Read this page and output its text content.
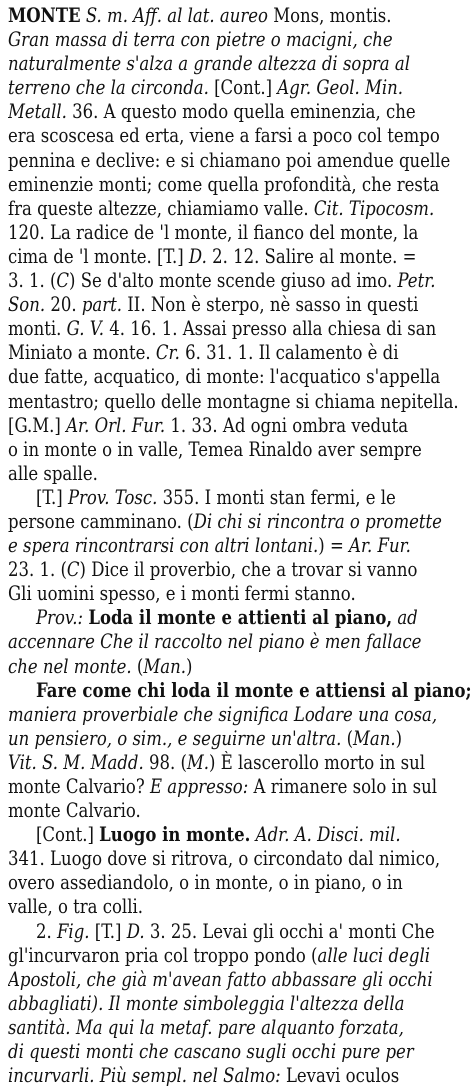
MONTE S. m. Aff. al lat. aureo Mons, montis.
Gran massa di terra con pietre o macigni, che
naturalmente s'alza a grande altezza di sopra al
terreno che la circonda. [Cont.] Agr. Geol. Min.
Metall. 36. A questo modo quella eminenzia, che
era scoscesa ed erta, viene a farsi a poco col tempo
pennina e declive: e si chiamano poi amendue quelle
eminenzie monti; come quella profondità, che resta
fra queste altezze, chiamiamo valle. Cit. Tipocosm.
120. La radice de 'l monte, il fianco del monte, la
cima de 'l monte. [T.] D. 2. 12. Salire al monte. =
3. 1. (C) Se d'alto monte scende giuso ad imo. Petr.
Son. 20. part. II. Non è sterpo, nè sasso in questi
monti. G. V. 4. 16. 1. Assai presso alla chiesa di san
Miniato a monte. Cr. 6. 31. 1. Il calamento è di
due fatte, acquatico, di monte: l'acquatico s'appella
mentastro; quello delle montagne si chiama nepitella.
[G.M.] Ar. Orl. Fur. 1. 33. Ad ogni ombra veduta
o in monte o in valle, Temea Rinaldo aver sempre
alle spalle.
[T.] Prov. Tosc. 355. I monti stan fermi, e le
persone camminano. (Di chi si rincontra o promette
e spera rincontrarsi con altri lontani.) = Ar. Fur.
23. 1. (C) Dice il proverbio, che a trovar si vanno
Gli uomini spesso, e i monti fermi stanno.
Prov.: Loda il monte e attienti al piano, ad
accennare Che il raccolto nel piano è men fallace
che nel monte. (Man.)
Fare come chi loda il monte e attiensi al piano;
maniera proverbiale che significa Lodare una cosa,
un pensiero, o sim., e seguirne un'altra. (Man.)
Vit. S. M. Madd. 98. (M.) È lascerollo morto in sul
monte Calvario? E appresso: A rimanere solo in sul
monte Calvario.
[Cont.] Luogo in monte. Adr. A. Disci. mil.
341. Luogo dove si ritrova, o circondato dal nimico,
overo assediandolo, o in monte, o in piano, o in
valle, o tra colli.
2. Fig. [T.] D. 3. 25. Levai gli occhi a' monti Che
gl'incurvaron pria col troppo pondo (alle luci degli
Apostoli, che già m'avean fatto abbassare gli occhi
abbagliati). Il monte simboleggia l'altezza della
santità. Ma qui la metaf. pare alquanto forzata,
di questi monti che cascano sugli occhi pure per
incurvarli. Più sempl. nel Salmo: Levavi oculos
